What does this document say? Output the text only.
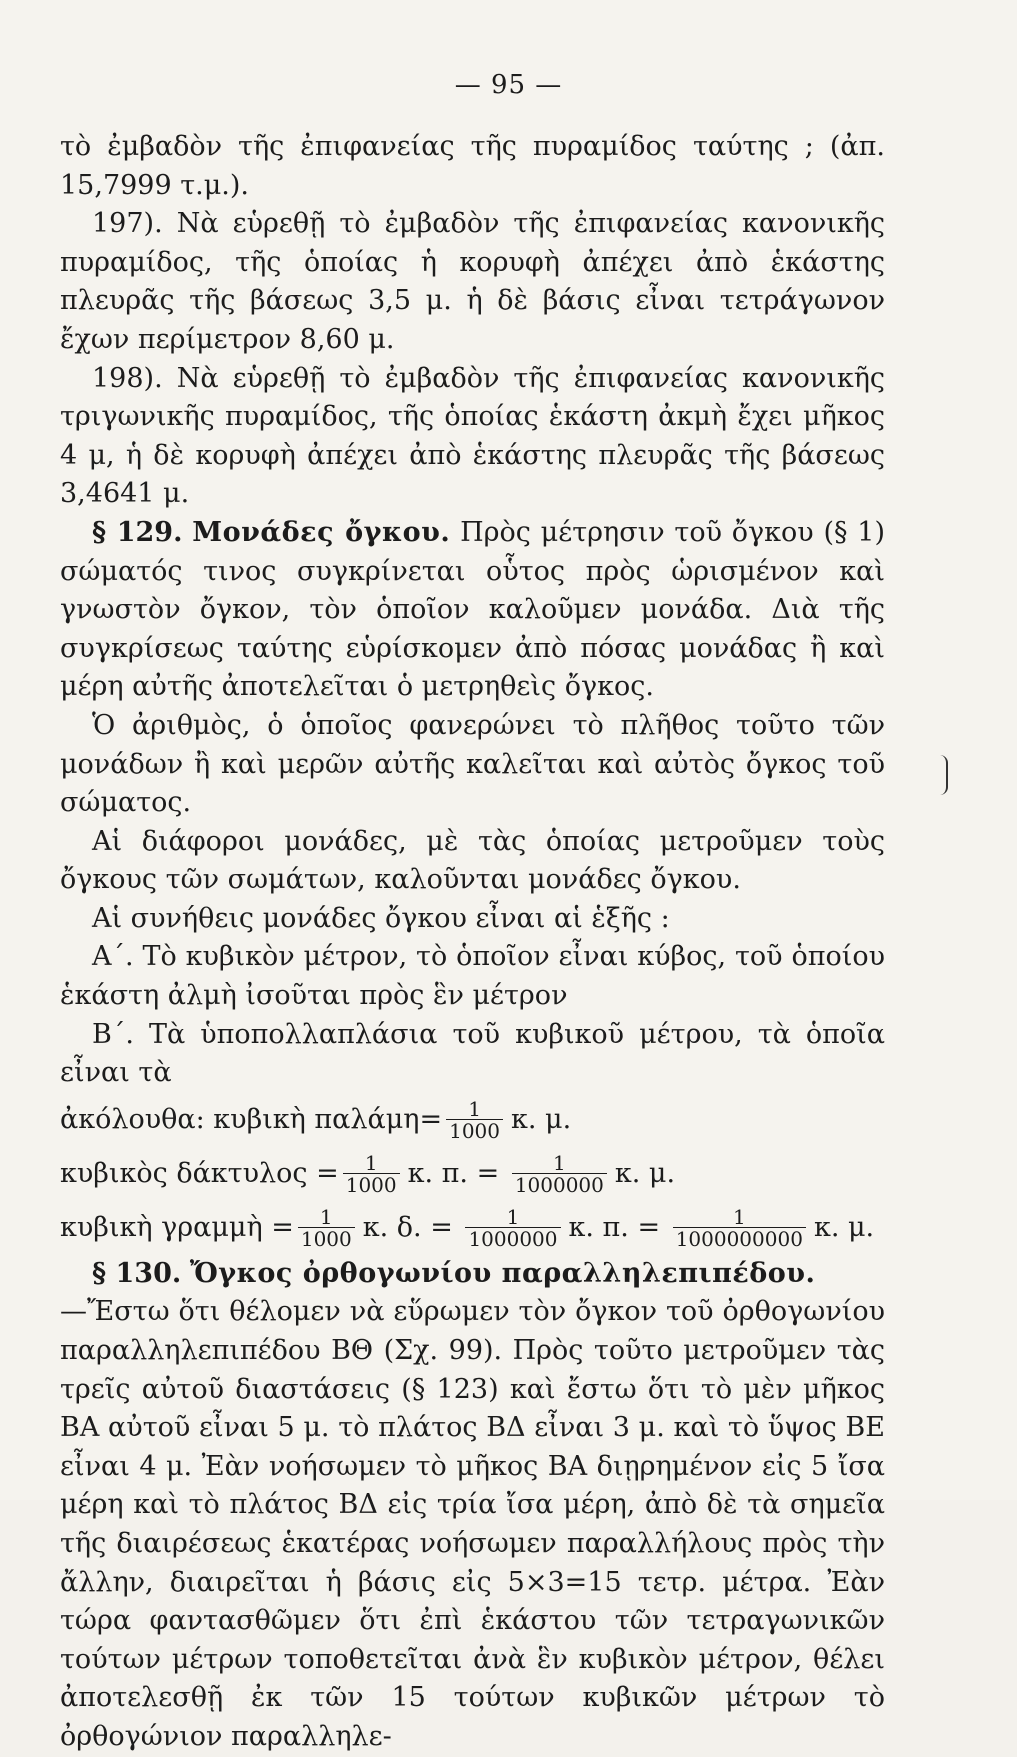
— 95 —

τὸ ἐμβαδὸν τῆς ἐπιφανείας τῆς πυραμίδος ταύτης ; (ἀπ. 15,7999 τ.μ.).

197). Νὰ εὑρεθῇ τὸ ἐμβαδὸν τῆς ἐπιφανείας κανονικῆς πυραμίδος, τῆς ὁποίας ἡ κορυφὴ ἀπέχει ἀπὸ ἑκάστης πλευρᾶς τῆς βάσεως 3,5 μ. ἡ δὲ βάσις εἶναι τετράγωνον ἔχων περίμετρον 8,60 μ.

198). Νὰ εὑρεθῇ τὸ ἐμβαδὸν τῆς ἐπιφανείας κανονικῆς τριγωνικῆς πυραμίδος, τῆς ὁποίας ἑκάστη ἀκμὴ ἔχει μῆκος 4 μ, ἡ δὲ κορυφὴ ἀπέχει ἀπὸ ἑκάστης πλευρᾶς τῆς βάσεως 3,4641 μ.

§ 129. Μονάδες ὄγκου. Πρὸς μέτρησιν τοῦ ὄγκου (§ 1) σώματός τινος συγκρίνεται οὗτος πρὸς ὡρισμένον καὶ γνωστὸν ὄγκον, τὸν ὁποῖον καλοῦμεν μονάδα. Διὰ τῆς συγκρίσεως ταύτης εὑρίσκομεν ἀπὸ πόσας μονάδας ἢ καὶ μέρη αὐτῆς ἀποτελεῖται ὁ μετρηθεὶς ὄγκος.

Ὁ ἀριθμὸς, ὁ ὁποῖος φανερώνει τὸ πλῆθος τοῦτο τῶν μονάδων ἢ καὶ μερῶν αὐτῆς καλεῖται καὶ αὐτὸς ὄγκος τοῦ σώματος.

Αἱ διάφοροι μονάδες, μὲ τὰς ὁποίας μετροῦμεν τοὺς ὄγκους τῶν σωμάτων, καλοῦνται μονάδες ὄγκου.

Αἱ συνήθεις μονάδες ὄγκου εἶναι αἱ ἑξῆς :

Α΄. Τὸ κυβικὸν μέτρον, τὸ ὁποῖον εἶναι κύβος, τοῦ ὁποίου ἑκάστη ἀλμὴ ἰσοῦται πρὸς ἓν μέτρον

Β΄. Τὰ ὑποπολλαπλάσια τοῦ κυβικοῦ μέτρου, τὰ ὁποῖα εἶναι τὰ

ἀκόλουθα: κυβικὴ $\pi\alpha\lambda ά\mu\eta= \frac{1}{1000} \kappa$. μ.

κυβικὸς $\delta ά\kappa\tau\upsilon\lambda o\varsigma = \frac{1}{1000} \kappa$. π. = $\frac{1}{1000000} \kappa$. μ.

κυβικὴ γραμμὴ = $\frac{1}{1000} \kappa$. δ. = $\frac{1}{1000000} \kappa$. π. = $\frac{1}{1000000000} \kappa$. μ.

§ 130. Ὄγκος ὀρθογωνίου παραλληλεπιπέδου.

—Ἔστω ὅτι θέλομεν νὰ εὕρωμεν τὸν ὄγκον τοῦ ὀρθογωνίου παραλληλεπιπέδου ΒΘ (Σχ. 99). Πρὸς τοῦτο μετροῦμεν τὰς τρεῖς αὐτοῦ διαστάσεις (§ 123) καὶ ἔστω ὅτι τὸ μὲν μῆκος ΒΑ αὐτοῦ εἶναι 5 μ. τὸ πλάτος ΒΔ εἶναι 3 μ. καὶ τὸ ὕψος ΒΕ εἶναι 4 μ. Ἐὰν νοήσωμεν τὸ μῆκος ΒΑ διῃρημένον εἰς 5 ἴσα μέρη καὶ τὸ πλάτος ΒΔ εἰς τρία ἴσα μέρη, ἀπὸ δὲ τὰ σημεῖα τῆς διαιρέσεως ἑκατέρας νοήσωμεν παραλλήλους πρὸς τὴν ἄλλην, διαιρεῖται ἡ βάσις εἰς 5×3=15 τετρ. μέτρα. Ἐὰν τώρα φαντασθῶμεν ὅτι ἐπὶ ἑκάστου τῶν τετραγωνικῶν τούτων μέτρων τοποθετεῖται ἀνὰ ἓν κυβικὸν μέτρον, θέλει ἀποτελεσθῇ ἐκ τῶν 15 τούτων κυβικῶν μέτρων τὸ ὀρθογώνιον παραλληλε-
